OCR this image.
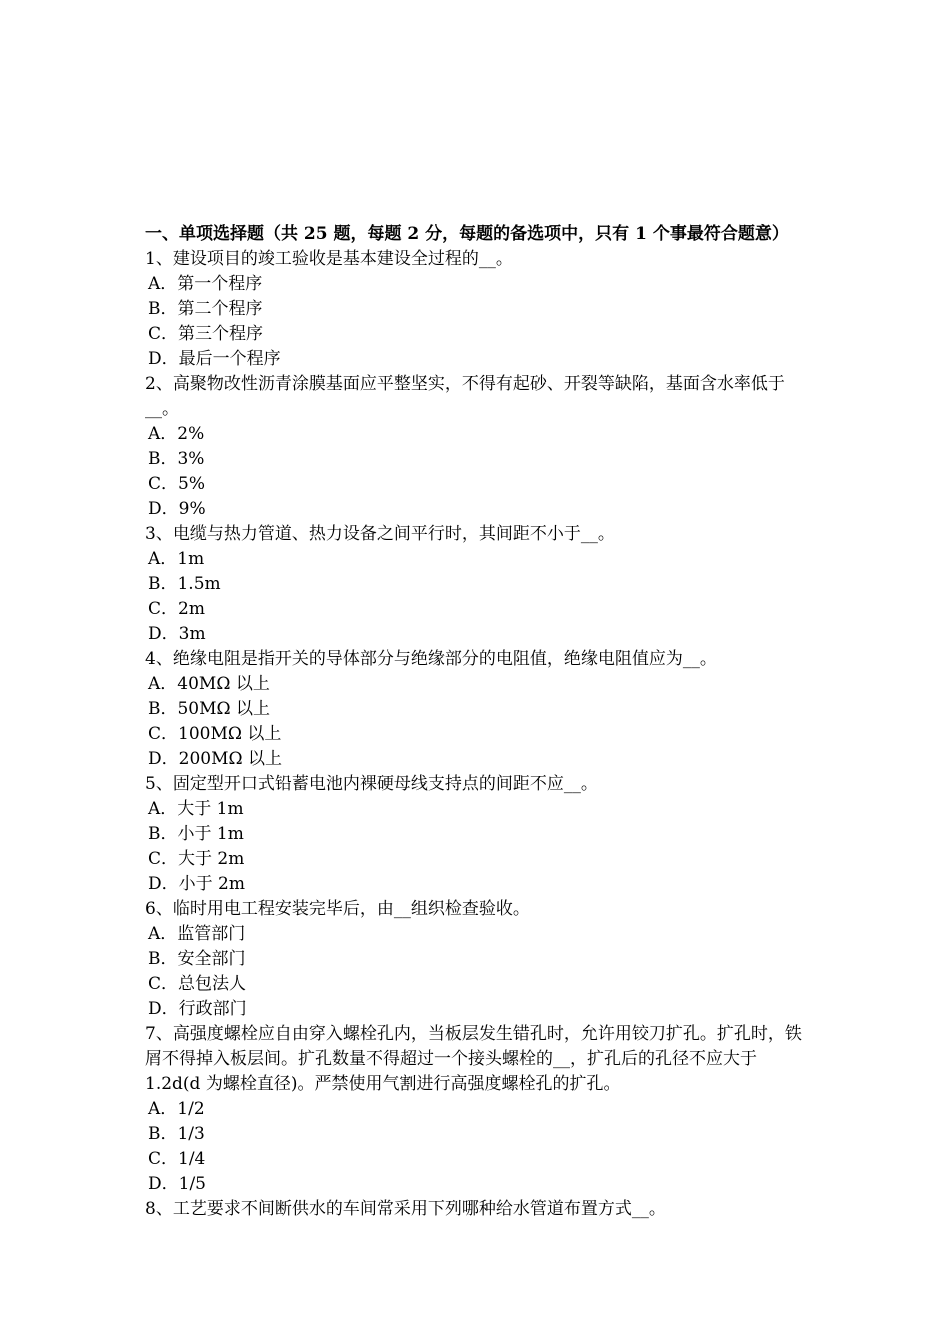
一、单项选择题（共 25 题，每题 2 分，每题的备选项中，只有 1 个事最符合题意）
1、建设项目的竣工验收是基本建设全过程的__。
A．第一个程序
B．第二个程序
C．第三个程序
D．最后一个程序
2、高聚物改性沥青涂膜基面应平整坚实，不得有起砂、开裂等缺陷，基面含水率低于__。
A．2%
B．3%
C．5%
D．9%
3、电缆与热力管道、热力设备之间平行时，其间距不小于__。
A．1m
B．1.5m
C．2m
D．3m
4、绝缘电阻是指开关的导体部分与绝缘部分的电阻值，绝缘电阻值应为__。
A．40MΩ 以上
B．50MΩ 以上
C．100MΩ 以上
D．200MΩ 以上
5、固定型开口式铅蓄电池内裸硬母线支持点的间距不应__。
A．大于 1m
B．小于 1m
C．大于 2m
D．小于 2m
6、临时用电工程安装完毕后，由__组织检查验收。
A．监管部门
B．安全部门
C．总包法人
D．行政部门
7、高强度螺栓应自由穿入螺栓孔内，当板层发生错孔时，允许用铰刀扩孔。扩孔时，铁屑不得掉入板层间。扩孔数量不得超过一个接头螺栓的__，扩孔后的孔径不应大于 1.2d(d 为螺栓直径)。严禁使用气割进行高强度螺栓孔的扩孔。
A．1/2
B．1/3
C．1/4
D．1/5
8、工艺要求不间断供水的车间常采用下列哪种给水管道布置方式__。
